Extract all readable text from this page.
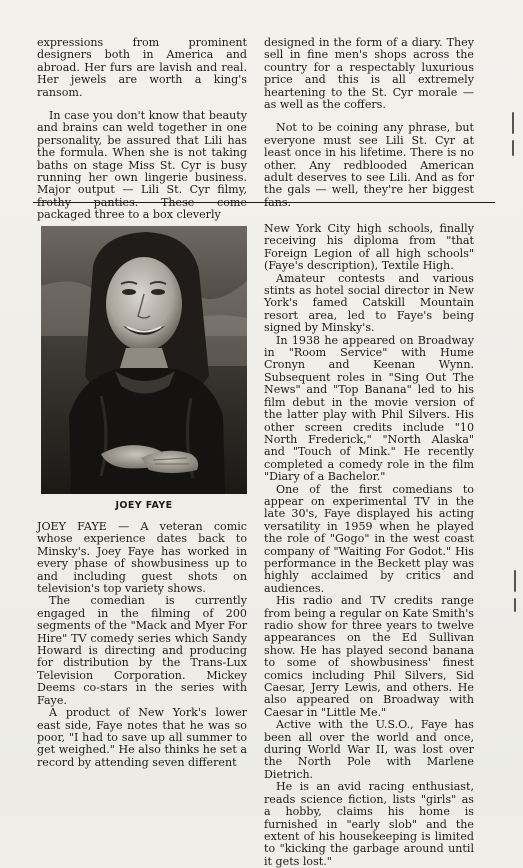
expressions from prominent designers both in America and abroad. Her furs are lavish and real. Her jewels are worth a king's ransom.

In case you don't know that beauty and brains can weld together in one personality, be assured that Lili has the formula. When she is not taking baths on stage Miss St. Cyr is busy running her own lingerie business. Major output — Lili St. Cyr filmy, frothy panties. These come packaged three to a box cleverly

designed in the form of a diary. They sell in fine men's shops across the country for a respectably luxurious price and this is all extremely heartening to the St. Cyr morale — as well as the coffers.

Not to be coining any phrase, but everyone must see Lili St. Cyr at least once in his lifetime. There is no other. Any redblooded American adult deserves to see Lili. And as for the gals — well, they're her biggest fans.

JOEY FAYE

JOEY FAYE — A veteran comic whose experience dates back to Minsky's. Joey Faye has worked in every phase of showbusiness up to and including guest shots on television's top variety shows.

The comedian is currently engaged in the filming of 200 segments of the "Mack and Myer For Hire" TV comedy series which Sandy Howard is directing and producing for distribution by the Trans-Lux Television Corporation. Mickey Deems co-stars in the series with Faye.

A product of New York's lower east side, Faye notes that he was so poor, "I had to save up all summer to get weighed." He also thinks he set a record by attending seven different

New York City high schools, finally receiving his diploma from "that Foreign Legion of all high schools" (Faye's description), Textile High.

Amateur contests and various stints as hotel social director in New York's famed Catskill Mountain resort area, led to Faye's being signed by Minsky's.

In 1938 he appeared on Broadway in "Room Service" with Hume Cronyn and Keenan Wynn. Subsequent roles in "Sing Out The News" and "Top Banana" led to his film debut in the movie version of the latter play with Phil Silvers. His other screen credits include "10 North Frederick," "North Alaska" and "Touch of Mink." He recently completed a comedy role in the film "Diary of a Bachelor."

One of the first comedians to appear on experimental TV in the late 30's, Faye displayed his acting versatility in 1959 when he played the role of "Gogo" in the west coast company of "Waiting For Godot." His performance in the Beckett play was highly acclaimed by critics and audiences.

His radio and TV credits range from being a regular on Kate Smith's radio show for three years to twelve appearances on the Ed Sullivan show. He has played second banana to some of showbusiness' finest comics including Phil Silvers, Sid Caesar, Jerry Lewis, and others. He also appeared on Broadway with Caesar in "Little Me."

Active with the U.S.O., Faye has been all over the world and once, during World War II, was lost over the North Pole with Marlene Dietrich.

He is an avid racing enthusiast, reads science fiction, lists "girls" as a hobby, claims his home is furnished in "early slob" and the extent of his housekeeping is limited to "kicking the garbage around until it gets lost."
